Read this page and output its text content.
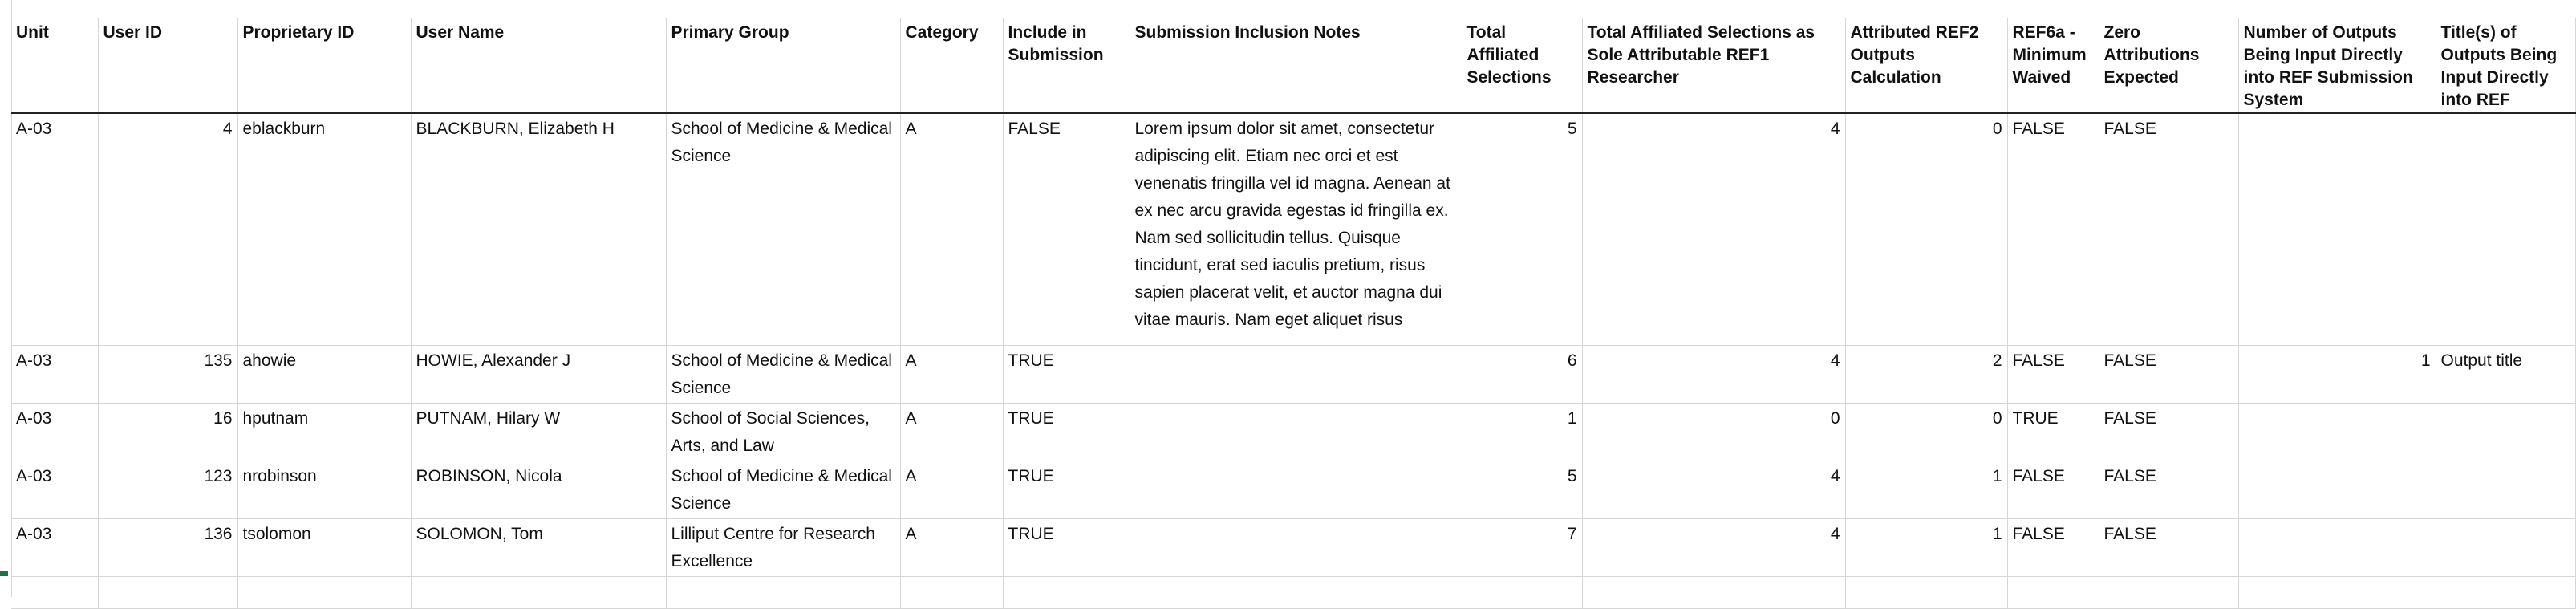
Unit	User ID	Proprietary ID	User Name	Primary Group	Category	Include in Submission	Submission Inclusion Notes	Total Affiliated Selections	Total Affiliated Selections as Sole Attributable REF1 Researcher	Attributed REF2 Outputs Calculation	REF6a - Minimum Waived	Zero Attributions Expected	Number of Outputs Being Input Directly into REF Submission System	Title(s) of Outputs Being Input Directly into REF
A-03	4	eblackburn	BLACKBURN, Elizabeth H	School of Medicine & Medical Science	A	FALSE	Lorem ipsum dolor sit amet, consectetur adipiscing elit. Etiam nec orci et est venenatis fringilla vel id magna. Aenean at ex nec arcu gravida egestas id fringilla ex. Nam sed sollicitudin tellus. Quisque tincidunt, erat sed iaculis pretium, risus sapien placerat velit, et auctor magna dui vitae mauris. Nam eget aliquet risus	5	4	0	FALSE	FALSE		
A-03	135	ahowie	HOWIE, Alexander J	School of Medicine & Medical Science	A	TRUE		6	4	2	FALSE	FALSE	1	Output title
A-03	16	hputnam	PUTNAM, Hilary W	School of Social Sciences, Arts, and Law	A	TRUE		1	0	0	TRUE	FALSE		
A-03	123	nrobinson	ROBINSON, Nicola	School of Medicine & Medical Science	A	TRUE		5	4	1	FALSE	FALSE		
A-03	136	tsolomon	SOLOMON, Tom	Lilliput Centre for Research Excellence	A	TRUE		7	4	1	FALSE	FALSE		
